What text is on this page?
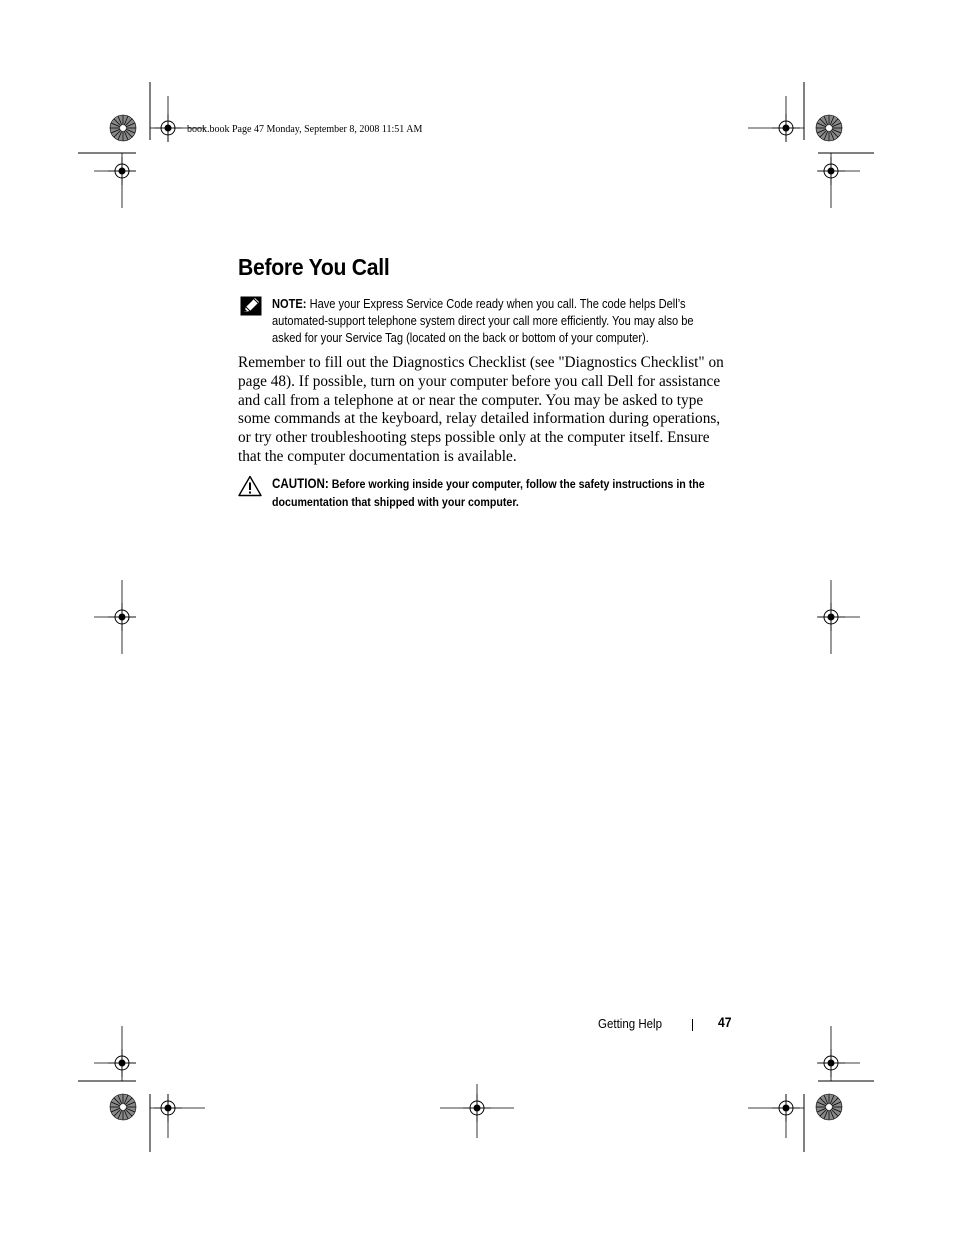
book.book Page 47 Monday, September 8, 2008 11:51 AM
Before You Call
NOTE: Have your Express Service Code ready when you call. The code helps Dell’s automated-support telephone system direct your call more efficiently. You may also be asked for your Service Tag (located on the back or bottom of your computer).

Remember to fill out the Diagnostics Checklist (see "Diagnostics Checklist" on page 48). If possible, turn on your computer before you call Dell for assistance and call from a telephone at or near the computer. You may be asked to type some commands at the keyboard, relay detailed information during operations, or try other troubleshooting steps possible only at the computer itself. Ensure that the computer documentation is available.

CAUTION: Before working inside your computer, follow the safety instructions in the documentation that shipped with your computer.
Getting Help	47
